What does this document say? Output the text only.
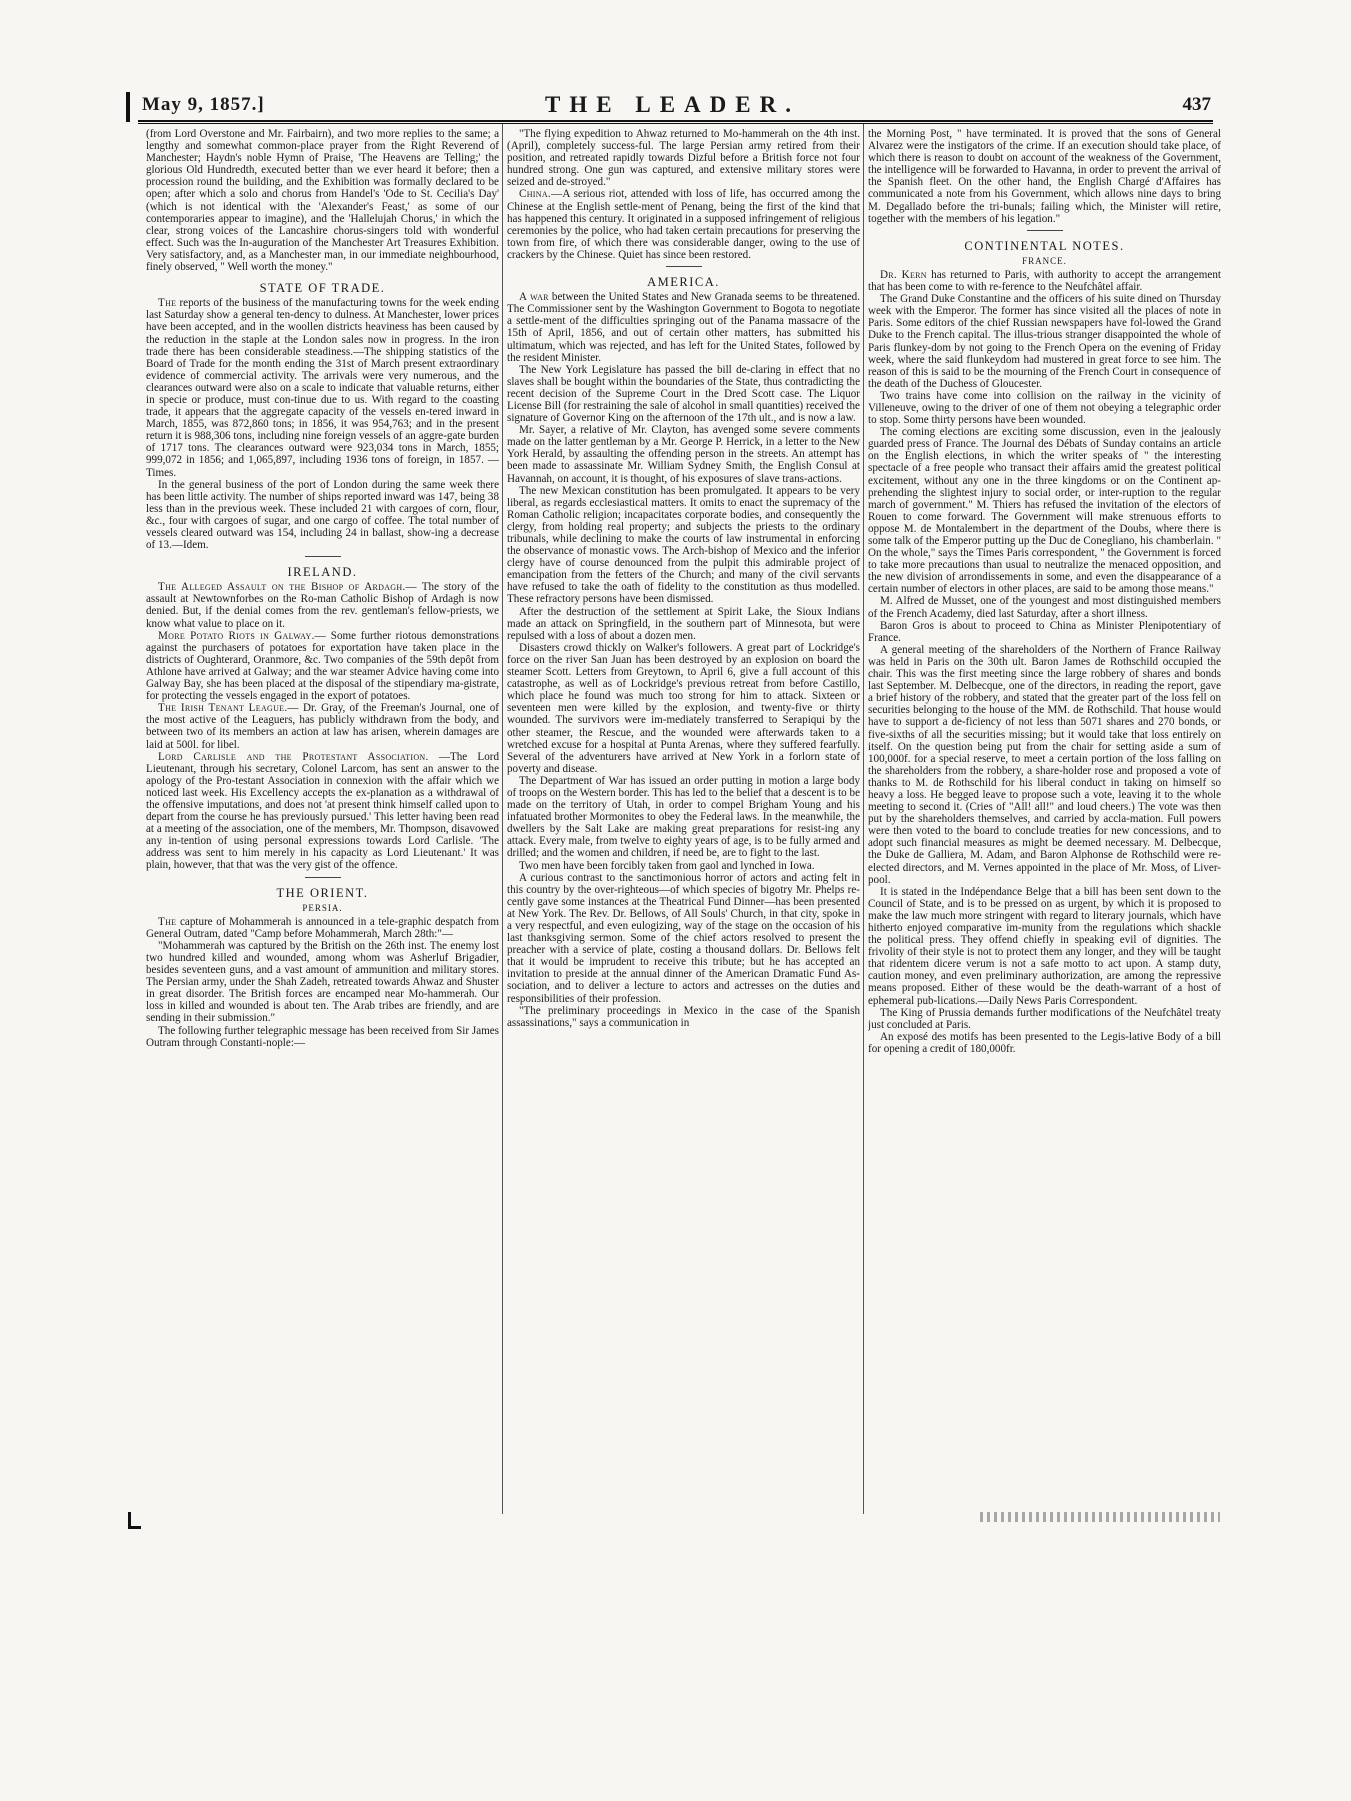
May 9, 1857.]	THE LEADER.	437

(from Lord Overstone and Mr. Fairbairn), and two more replies to the same; a lengthy and somewhat common-place prayer from the Right Reverend of Manchester; Haydn's noble Hymn of Praise, 'The Heavens are Telling;' the glorious Old Hundredth, executed better than we ever heard it before; then a procession round the building, and the Exhibition was formally declared to be open; after which a solo and chorus from Handel's 'Ode to St. Cecilia's Day' (which is not identical with the 'Alexander's Feast,' as some of our contemporaries appear to imagine), and the 'Hallelujah Chorus,' in which the clear, strong voices of the Lancashire chorus-singers told with wonderful effect. Such was the In-auguration of the Manchester Art Treasures Exhibition. Very satisfactory, and, as a Manchester man, in our immediate neighbourhood, finely observed, " Well worth the money."

STATE OF TRADE.

The reports of the business of the manufacturing towns for the week ending last Saturday show a general ten-dency to dulness. At Manchester, lower prices have been accepted, and in the woollen districts heaviness has been caused by the reduction in the staple at the London sales now in progress. In the iron trade there has been considerable steadiness.—The shipping statistics of the Board of Trade for the month ending the 31st of March present extraordinary evidence of commercial activity. The arrivals were very numerous, and the clearances outward were also on a scale to indicate that valuable returns, either in specie or produce, must con-tinue due to us. With regard to the coasting trade, it appears that the aggregate capacity of the vessels en-tered inward in March, 1855, was 872,860 tons; in 1856, it was 954,763; and in the present return it is 988,306 tons, including nine foreign vessels of an aggre-gate burden of 1717 tons. The clearances outward were 923,034 tons in March, 1855; 999,072 in 1856; and 1,065,897, including 1936 tons of foreign, in 1857. —Times.

In the general business of the port of London during the same week there has been little activity. The number of ships reported inward was 147, being 38 less than in the previous week. These included 21 with cargoes of corn, flour, &c., four with cargoes of sugar, and one cargo of coffee. The total number of vessels cleared outward was 154, including 24 in ballast, show-ing a decrease of 13.—Idem.

IRELAND.

The Alleged Assault on the Bishop of Ardagh.— The story of the assault at Newtownforbes on the Ro-man Catholic Bishop of Ardagh is now denied. But, if the denial comes from the rev. gentleman's fellow-priests, we know what value to place on it.

More Potato Riots in Galway.— Some further riotous demonstrations against the purchasers of potatoes for exportation have taken place in the districts of Oughterard, Oranmore, &c. Two companies of the 59th depôt from Athlone have arrived at Galway; and the war steamer Advice having come into Galway Bay, she has been placed at the disposal of the stipendiary ma-gistrate, for protecting the vessels engaged in the export of potatoes.

The Irish Tenant League.— Dr. Gray, of the Freeman's Journal, one of the most active of the Leaguers, has publicly withdrawn from the body, and between two of its members an action at law has arisen, wherein damages are laid at 500l. for libel.

Lord Carlisle and the Protestant Association. —The Lord Lieutenant, through his secretary, Colonel Larcom, has sent an answer to the apology of the Pro-testant Association in connexion with the affair which we noticed last week. His Excellency accepts the ex-planation as a withdrawal of the offensive imputations, and does not 'at present think himself called upon to depart from the course he has previously pursued.' This letter having been read at a meeting of the association, one of the members, Mr. Thompson, disavowed any in-tention of using personal expressions towards Lord Carlisle. 'The address was sent to him merely in his capacity as Lord Lieutenant.' It was plain, however, that that was the very gist of the offence.

THE ORIENT.
PERSIA.

The capture of Mohammerah is announced in a tele-graphic despatch from General Outram, dated "Camp before Mohammerah, March 28th:"—

"Mohammerah was captured by the British on the 26th inst. The enemy lost two hundred killed and wounded, among whom was Asherluf Brigadier, besides seventeen guns, and a vast amount of ammunition and military stores. The Persian army, under the Shah Zadeh, retreated towards Ahwaz and Shuster in great disorder. The British forces are encamped near Mo-hammerah. Our loss in killed and wounded is about ten. The Arab tribes are friendly, and are sending in their submission."

The following further telegraphic message has been received from Sir James Outram through Constanti-nople:—

"The flying expedition to Ahwaz returned to Mo-hammerah on the 4th inst. (April), completely success-ful. The large Persian army retired from their position, and retreated rapidly towards Dizful before a British force not four hundred strong. One gun was captured, and extensive military stores were seized and de-stroyed."

China.—A serious riot, attended with loss of life, has occurred among the Chinese at the English settle-ment of Penang, being the first of the kind that has happened this century. It originated in a supposed infringement of religious ceremonies by the police, who had taken certain precautions for preserving the town from fire, of which there was considerable danger, owing to the use of crackers by the Chinese. Quiet has since been restored.

AMERICA.

A war between the United States and New Granada seems to be threatened. The Commissioner sent by the Washington Government to Bogota to negotiate a settle-ment of the difficulties springing out of the Panama massacre of the 15th of April, 1856, and out of certain other matters, has submitted his ultimatum, which was rejected, and has left for the United States, followed by the resident Minister.

The New York Legislature has passed the bill de-claring in effect that no slaves shall be bought within the boundaries of the State, thus contradicting the recent decision of the Supreme Court in the Dred Scott case. The Liquor License Bill (for restraining the sale of alcohol in small quantities) received the signature of Governor King on the afternoon of the 17th ult., and is now a law.

Mr. Sayer, a relative of Mr. Clayton, has avenged some severe comments made on the latter gentleman by a Mr. George P. Herrick, in a letter to the New York Herald, by assaulting the offending person in the streets. An attempt has been made to assassinate Mr. William Sydney Smith, the English Consul at Havannah, on account, it is thought, of his exposures of slave trans-actions.

The new Mexican constitution has been promulgated. It appears to be very liberal, as regards ecclesiastical matters. It omits to enact the supremacy of the Roman Catholic religion; incapacitates corporate bodies, and consequently the clergy, from holding real property; and subjects the priests to the ordinary tribunals, while declining to make the courts of law instrumental in enforcing the observance of monastic vows. The Arch-bishop of Mexico and the inferior clergy have of course denounced from the pulpit this admirable project of emancipation from the fetters of the Church; and many of the civil servants have refused to take the oath of fidelity to the constitution as thus modelled. These refractory persons have been dismissed.

After the destruction of the settlement at Spirit Lake, the Sioux Indians made an attack on Springfield, in the southern part of Minnesota, but were repulsed with a loss of about a dozen men.

Disasters crowd thickly on Walker's followers. A great part of Lockridge's force on the river San Juan has been destroyed by an explosion on board the steamer Scott. Letters from Greytown, to April 6, give a full account of this catastrophe, as well as of Lockridge's previous retreat from before Castillo, which place he found was much too strong for him to attack. Sixteen or seventeen men were killed by the explosion, and twenty-five or thirty wounded. The survivors were im-mediately transferred to Serapiqui by the other steamer, the Rescue, and the wounded were afterwards taken to a wretched excuse for a hospital at Punta Arenas, where they suffered fearfully. Several of the adventurers have arrived at New York in a forlorn state of poverty and disease.

The Department of War has issued an order putting in motion a large body of troops on the Western border. This has led to the belief that a descent is to be made on the territory of Utah, in order to compel Brigham Young and his infatuated brother Mormonites to obey the Federal laws. In the meanwhile, the dwellers by the Salt Lake are making great preparations for resist-ing any attack. Every male, from twelve to eighty years of age, is to be fully armed and drilled; and the women and children, if need be, are to fight to the last.

Two men have been forcibly taken from gaol and lynched in Iowa.

A curious contrast to the sanctimonious horror of actors and acting felt in this country by the over-righteous—of which species of bigotry Mr. Phelps re-cently gave some instances at the Theatrical Fund Dinner—has been presented at New York. The Rev. Dr. Bellows, of All Souls' Church, in that city, spoke in a very respectful, and even eulogizing, way of the stage on the occasion of his last thanksgiving sermon. Some of the chief actors resolved to present the preacher with a service of plate, costing a thousand dollars. Dr. Bellows felt that it would be imprudent to receive this tribute; but he has accepted an invitation to preside at the annual dinner of the American Dramatic Fund As-sociation, and to deliver a lecture to actors and actresses on the duties and responsibilities of their profession.

"The preliminary proceedings in Mexico in the case of the Spanish assassinations," says a communication in

the Morning Post, " have terminated. It is proved that the sons of General Alvarez were the instigators of the crime. If an execution should take place, of which there is reason to doubt on account of the weakness of the Government, the intelligence will be forwarded to Havanna, in order to prevent the arrival of the Spanish fleet. On the other hand, the English Chargé d'Affaires has communicated a note from his Government, which allows nine days to bring M. Degallado before the tri-bunals; failing which, the Minister will retire, together with the members of his legation."

CONTINENTAL NOTES.
FRANCE.

Dr. Kern has returned to Paris, with authority to accept the arrangement that has been come to with re-ference to the Neufchâtel affair.

The Grand Duke Constantine and the officers of his suite dined on Thursday week with the Emperor. The former has since visited all the places of note in Paris. Some editors of the chief Russian newspapers have fol-lowed the Grand Duke to the French capital. The illus-trious stranger disappointed the whole of Paris flunkey-dom by not going to the French Opera on the evening of Friday week, where the said flunkeydom had mustered in great force to see him. The reason of this is said to be the mourning of the French Court in consequence of the death of the Duchess of Gloucester.

Two trains have come into collision on the railway in the vicinity of Villeneuve, owing to the driver of one of them not obeying a telegraphic order to stop. Some thirty persons have been wounded.

The coming elections are exciting some discussion, even in the jealously guarded press of France. The Journal des Débats of Sunday contains an article on the English elections, in which the writer speaks of " the interesting spectacle of a free people who transact their affairs amid the greatest political excitement, without any one in the three kingdoms or on the Continent ap-prehending the slightest injury to social order, or inter-ruption to the regular march of government." M. Thiers has refused the invitation of the electors of Rouen to come forward. The Government will make strenuous efforts to oppose M. de Montalembert in the department of the Doubs, where there is some talk of the Emperor putting up the Duc de Conegliano, his chamberlain. " On the whole," says the Times Paris correspondent, " the Government is forced to take more precautions than usual to neutralize the menaced opposition, and the new division of arrondissements in some, and even the disappearance of a certain number of electors in other places, are said to be among those means."

M. Alfred de Musset, one of the youngest and most distinguished members of the French Academy, died last Saturday, after a short illness.

Baron Gros is about to proceed to China as Minister Plenipotentiary of France.

A general meeting of the shareholders of the Northern of France Railway was held in Paris on the 30th ult. Baron James de Rothschild occupied the chair. This was the first meeting since the large robbery of shares and bonds last September. M. Delbecque, one of the directors, in reading the report, gave a brief history of the robbery, and stated that the greater part of the loss fell on securities belonging to the house of the MM. de Rothschild. That house would have to support a de-ficiency of not less than 5071 shares and 270 bonds, or five-sixths of all the securities missing; but it would take that loss entirely on itself. On the question being put from the chair for setting aside a sum of 100,000f. for a special reserve, to meet a certain portion of the loss falling on the shareholders from the robbery, a share-holder rose and proposed a vote of thanks to M. de Rothschild for his liberal conduct in taking on himself so heavy a loss. He begged leave to propose such a vote, leaving it to the whole meeting to second it. (Cries of "All! all!" and loud cheers.) The vote was then put by the shareholders themselves, and carried by accla-mation. Full powers were then voted to the board to conclude treaties for new concessions, and to adopt such financial measures as might be deemed necessary. M. Delbecque, the Duke de Galliera, M. Adam, and Baron Alphonse de Rothschild were re-elected directors, and M. Vernes appointed in the place of Mr. Moss, of Liver-pool.

It is stated in the Indépendance Belge that a bill has been sent down to the Council of State, and is to be pressed on as urgent, by which it is proposed to make the law much more stringent with regard to literary journals, which have hitherto enjoyed comparative im-munity from the regulations which shackle the political press. They offend chiefly in speaking evil of dignities. The frivolity of their style is not to protect them any longer, and they will be taught that ridentem dicere verum is not a safe motto to act upon. A stamp duty, caution money, and even preliminary authorization, are among the repressive means proposed. Either of these would be the death-warrant of a host of ephemeral pub-lications.—Daily News Paris Correspondent.

The King of Prussia demands further modifications of the Neufchâtel treaty just concluded at Paris.

An exposé des motifs has been presented to the Legis-lative Body of a bill for opening a credit of 180,000fr.
